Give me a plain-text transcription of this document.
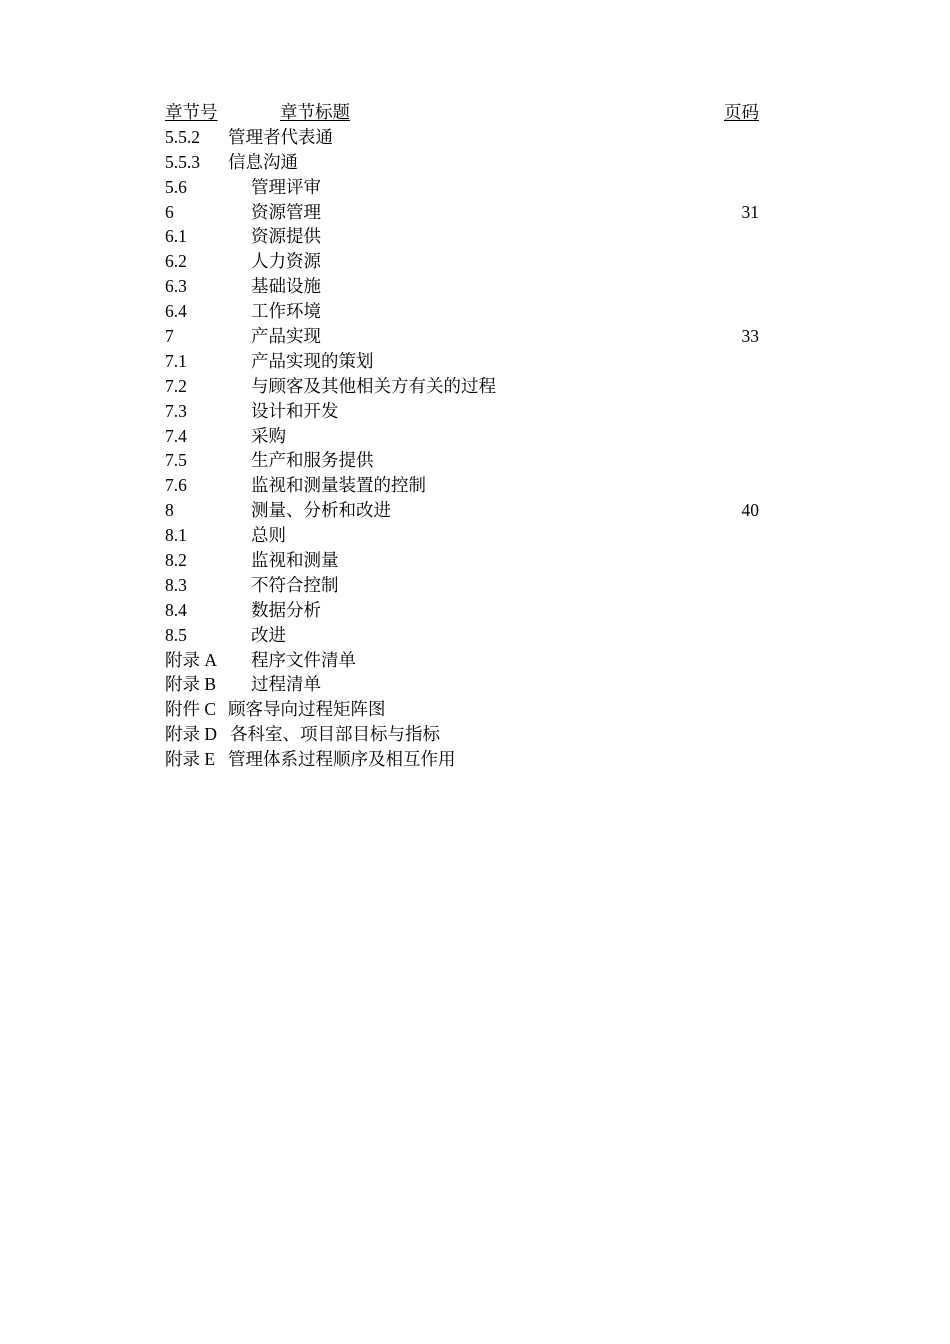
章节号	章节标题	页码
5.5.2 管理者代表通
5.5.3 信息沟通
5.6	管理评审
6	资源管理	31
6.1	资源提供
6.2	人力资源
6.3	基础设施
6.4	工作环境
7	产品实现	33
7.1	产品实现的策划
7.2	与顾客及其他相关方有关的过程
7.3	设计和开发
7.4	采购
7.5	生产和服务提供
7.6	监视和测量装置的控制
8	测量、分析和改进	40
8.1	总则
8.2	监视和测量
8.3	不符合控制
8.4	数据分析
8.5	改进
附录 A 程序文件清单
附录 B 过程清单
附件 C 顾客导向过程矩阵图
附录 D 各科室、项目部目标与指标
附录 E 管理体系过程顺序及相互作用
